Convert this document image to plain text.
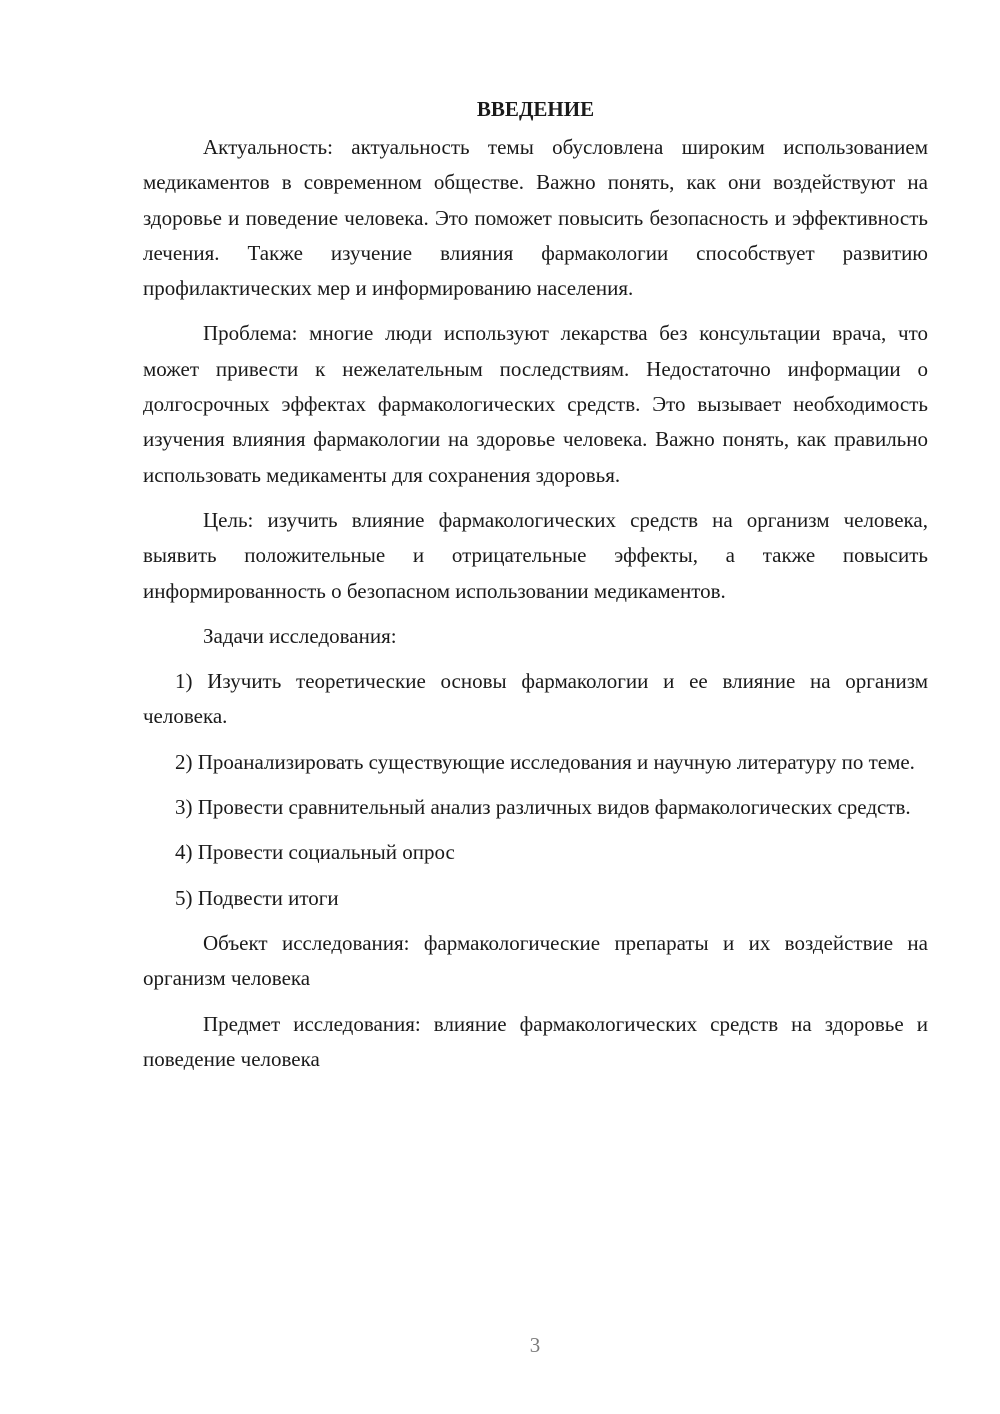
ВВЕДЕНИЕ

Актуальность: актуальность темы обусловлена широким использованием медикаментов в современном обществе. Важно понять, как они воздействуют на здоровье и поведение человека. Это поможет повысить безопасность и эффективность лечения. Также изучение влияния фармакологии способствует развитию профилактических мер и информированию населения.

Проблема: многие люди используют лекарства без консультации врача, что может привести к нежелательным последствиям. Недостаточно информации о долгосрочных эффектах фармакологических средств. Это вызывает необходимость изучения влияния фармакологии на здоровье человека. Важно понять, как правильно использовать медикаменты для сохранения здоровья.

Цель: изучить влияние фармакологических средств на организм человека, выявить положительные и отрицательные эффекты, а также повысить информированность о безопасном использовании медикаментов.

Задачи исследования:

1) Изучить теоретические основы фармакологии и ее влияние на организм человека.

2) Проанализировать существующие исследования и научную литературу по теме.

3) Провести сравнительный анализ различных видов фармакологических средств.

4) Провести социальный опрос

5) Подвести итоги

Объект исследования: фармакологические препараты и их воздействие на организм человека

Предмет исследования: влияние фармакологических средств на здоровье и поведение человека

3
